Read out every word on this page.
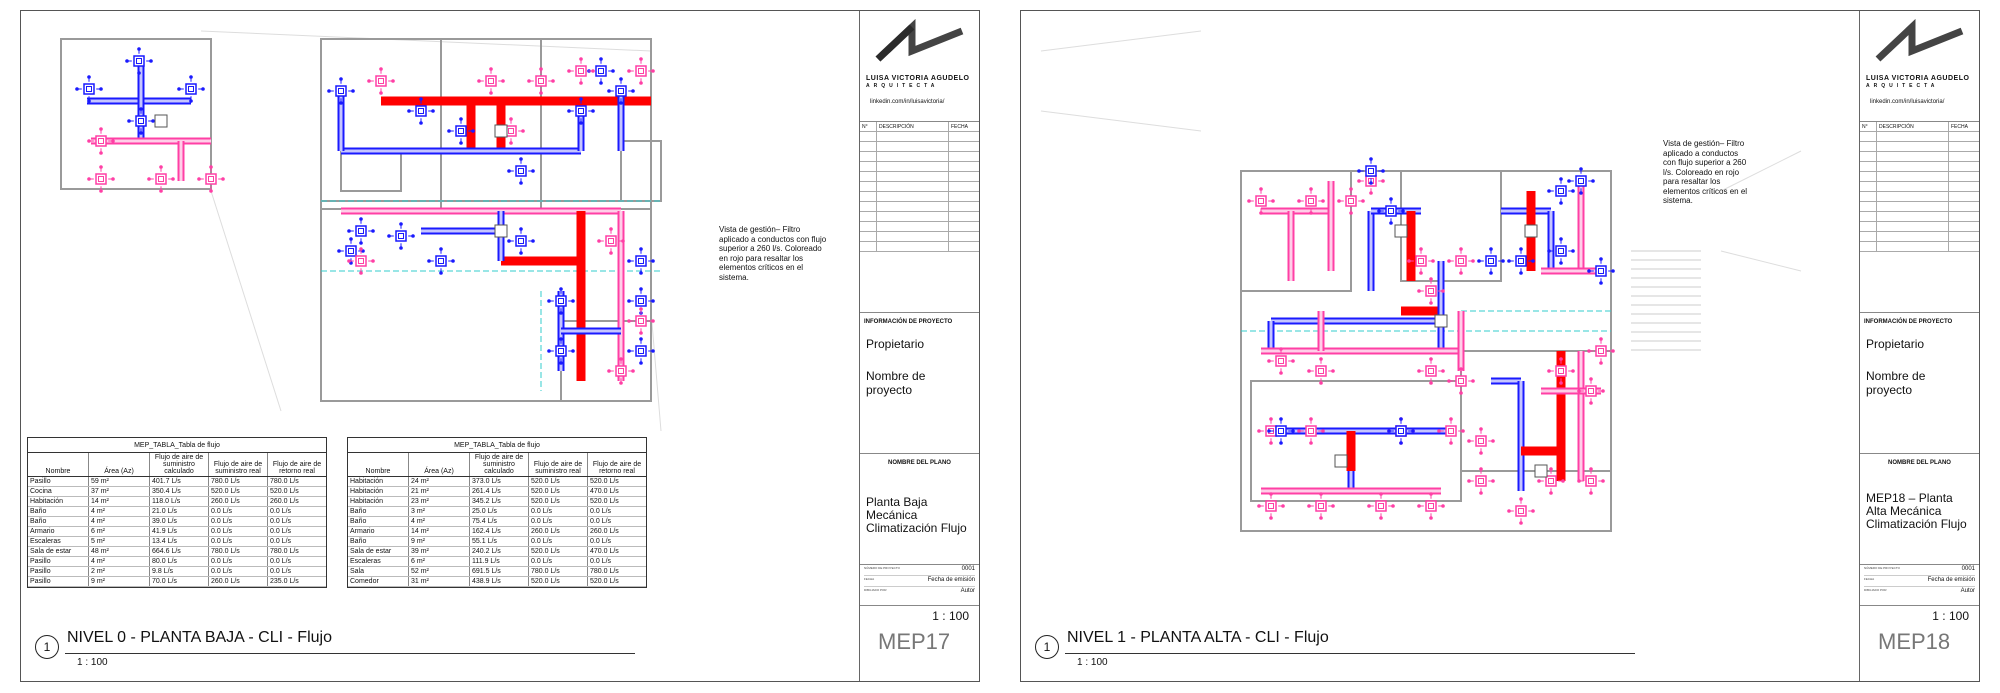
Vista de gestión– Filtro aplicado a conductos con flujo superior a 260 l/s. Coloreado en rojo para resaltar los elementos críticos en el sistema.
MEP_TABLA_Tabla de flujo
Nombre	Área (Az)	Flujo de aire de suministro calculado	Flujo de aire de suministro real	Flujo de aire de retorno real
Pasillo	59 m²	401.7 L/s	780.0 L/s	780.0 L/s
Cocina	37 m²	350.4 L/s	520.0 L/s	520.0 L/s
Habitación	14 m²	118.0 L/s	260.0 L/s	260.0 L/s
Baño	4 m²	21.0 L/s	0.0 L/s	0.0 L/s
Baño	4 m²	39.0 L/s	0.0 L/s	0.0 L/s
Armario	6 m²	41.9 L/s	0.0 L/s	0.0 L/s
Escaleras	5 m²	13.4 L/s	0.0 L/s	0.0 L/s
Sala de estar	48 m²	664.6 L/s	780.0 L/s	780.0 L/s
Pasillo	4 m²	80.0 L/s	0.0 L/s	0.0 L/s
Pasillo	2 m²	9.8 L/s	0.0 L/s	0.0 L/s
Pasillo	9 m²	70.0 L/s	260.0 L/s	235.0 L/s
MEP_TABLA_Tabla de flujo
Nombre	Área (Az)	Flujo de aire de suministro calculado	Flujo de aire de suministro real	Flujo de aire de retorno real
Habitación	24 m²	373.0 L/s	520.0 L/s	520.0 L/s
Habitación	21 m²	261.4 L/s	520.0 L/s	470.0 L/s
Habitación	23 m²	345.2 L/s	520.0 L/s	520.0 L/s
Baño	3 m²	25.0 L/s	0.0 L/s	0.0 L/s
Baño	4 m²	75.4 L/s	0.0 L/s	0.0 L/s
Armario	14 m²	162.4 L/s	260.0 L/s	260.0 L/s
Baño	9 m²	55.1 L/s	0.0 L/s	0.0 L/s
Sala de estar	39 m²	240.2 L/s	520.0 L/s	470.0 L/s
Escaleras	6 m²	111.9 L/s	0.0 L/s	0.0 L/s
Sala	52 m²	691.5 L/s	780.0 L/s	780.0 L/s
Comedor	31 m²	438.9 L/s	520.0 L/s	520.0 L/s
1
NIVEL 0 - PLANTA BAJA - CLI - Flujo
1 : 100
LUISA VICTORIA AGUDELO
ARQUITECTA
linkedin.com/in/luisavictoria/
N°	DESCRIPCIÓN	FECHA

INFORMACIÓN DE PROYECTO
Propietario
Nombre de proyecto
NOMBRE DEL PLANO
Planta Baja Mecánica Climatización Flujo
NÚMERO DE PROYECTO	0001
FECHA	Fecha de emisión
DIBUJADO POR	Autor
1 : 100
MEP17
Vista de gestión– Filtro aplicado a conductos con flujo superior a 260 l/s. Coloreado en rojo para resaltar los elementos críticos en el sistema.
1
NIVEL 1 - PLANTA ALTA - CLI - Flujo
1 : 100
LUISA VICTORIA AGUDELO
ARQUITECTA
linkedin.com/in/luisavictoria/
N°	DESCRIPCIÓN	FECHA

INFORMACIÓN DE PROYECTO
Propietario
Nombre de proyecto
NOMBRE DEL PLANO
MEP18 – Planta Alta Mecánica Climatización Flujo
NÚMERO DE PROYECTO	0001
FECHA	Fecha de emisión
DIBUJADO POR	Autor
1 : 100
MEP18
